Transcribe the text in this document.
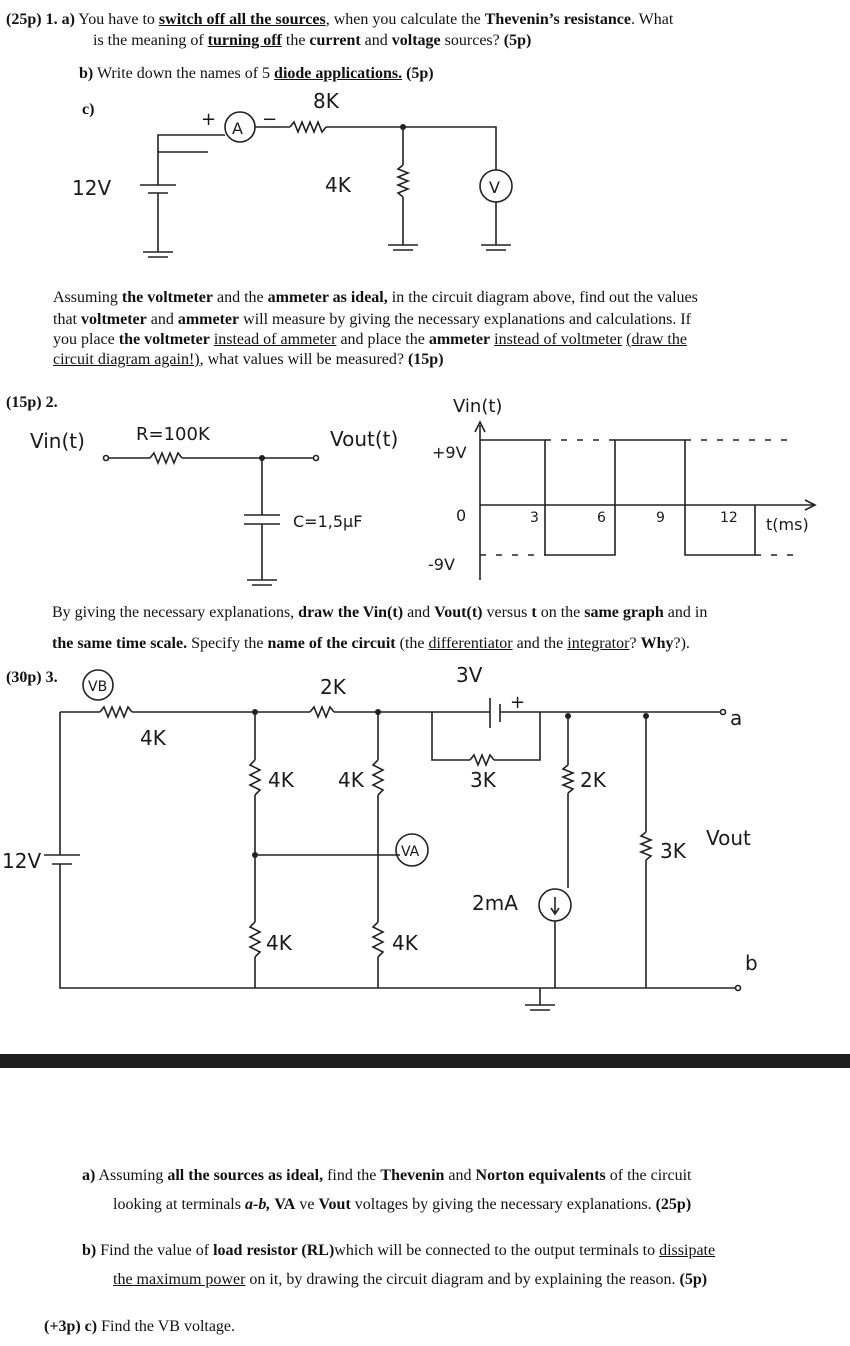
(25p) 1. a) You have to switch off all the sources, when you calculate the Thevenin’s resistance. What
is the meaning of turning off the current and voltage sources? (5p)
b) Write down the names of 5 diode applications. (5p)
c)	8K
A
+	−
12V	4K	V
Assuming the voltmeter and the ammeter as ideal, in the circuit diagram above, find out the values
that voltmeter and ammeter will measure by giving the necessary explanations and calculations. If
you place the voltmeter instead of ammeter and place the ammeter instead of voltmeter (draw the
circuit diagram again!), what values will be measured? (15p)
(15p) 2.
Vin(t)	R=100K	Vout(t)
C=1,5μF
Vin(t)
+9V
0
-9V
t(ms)
3	6	9	12
By giving the necessary explanations, draw the Vin(t) and Vout(t) versus t on the same graph and in
the same time scale. Specify the name of the circuit (the differentiator and the integrator? Why?).
(30p) 3.
VB
4K
2K	3V
+
4K 4K	3K	2K
12V	VA
4K	4K
2mA
3K
Vout
a
b
a) Assuming all the sources as ideal, find the Thevenin and Norton equivalents of the circuit
looking at terminals a-b, VA ve Vout voltages by giving the necessary explanations. (25p)
b) Find the value of load resistor (RL)which will be connected to the output terminals to dissipate
the maximum power on it, by drawing the circuit diagram and by explaining the reason. (5p)
(+3p) c) Find the VB voltage.
